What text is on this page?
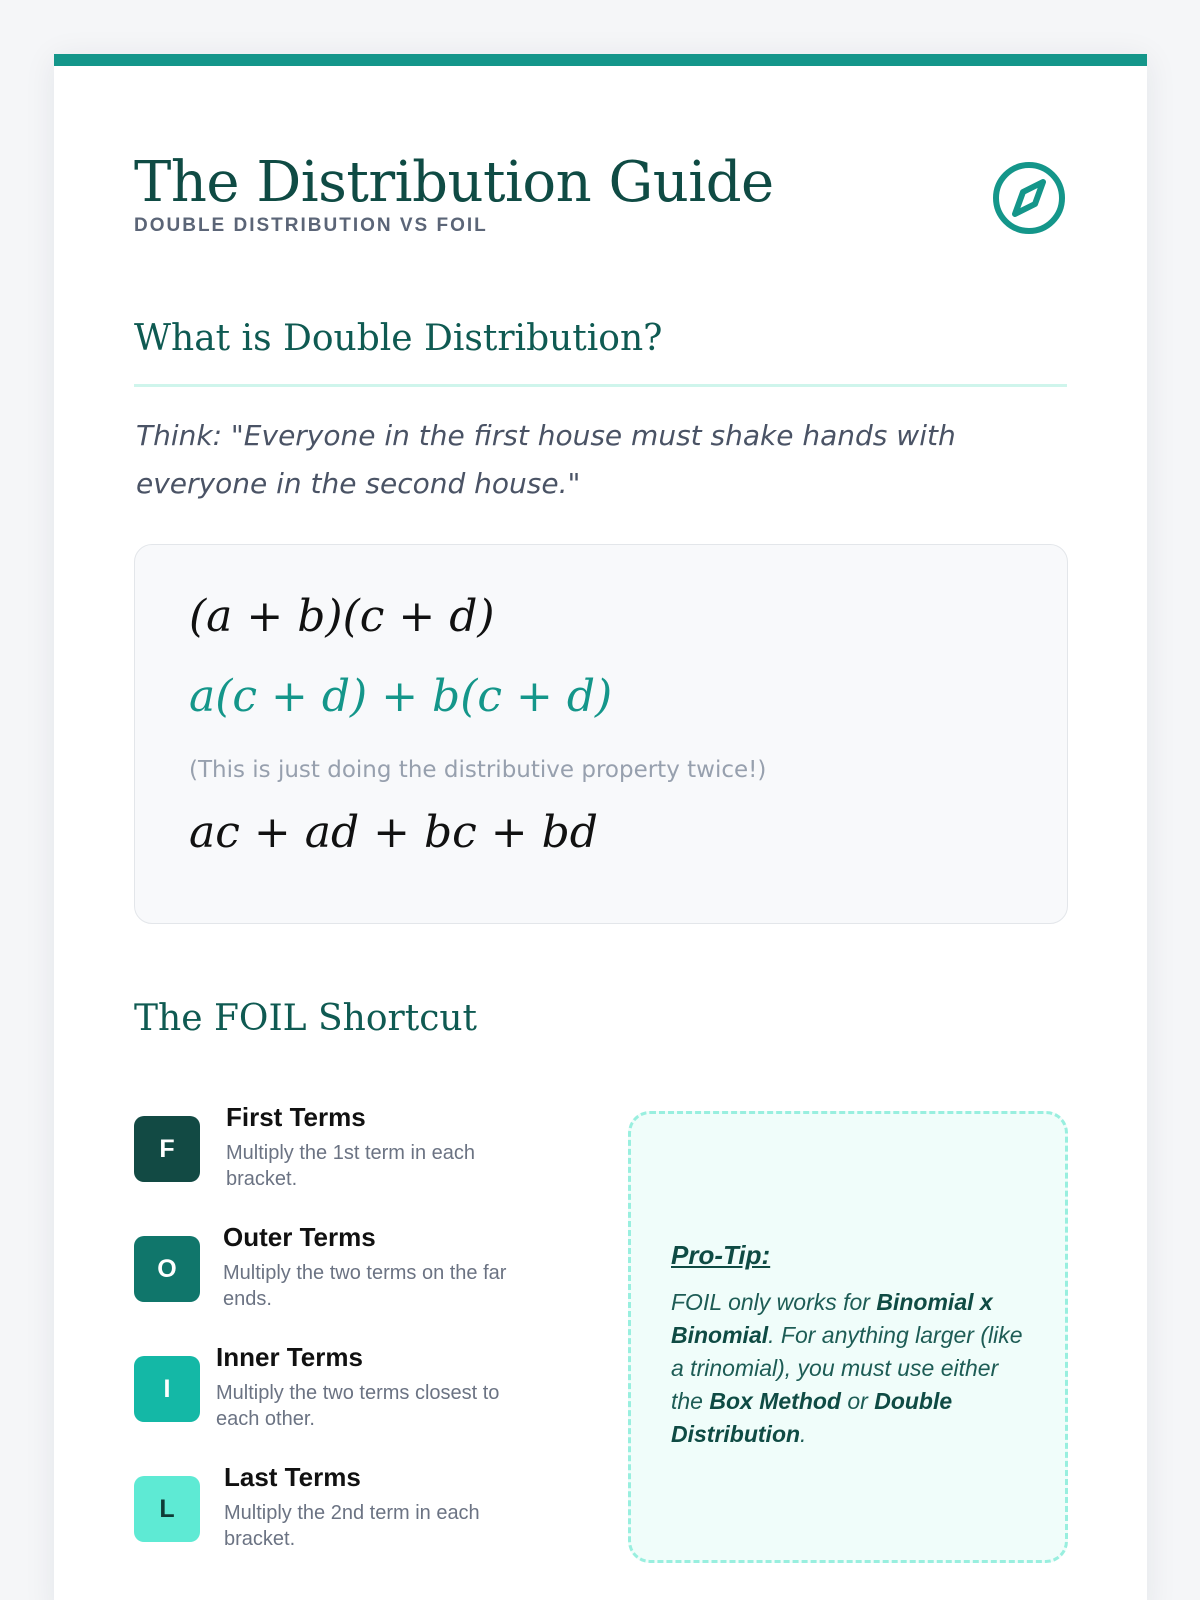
The Distribution Guide
DOUBLE DISTRIBUTION VS FOIL
What is Double Distribution?
Think: "Everyone in the first house must shake hands with everyone in the second house."
(a + b)(c + d)
a(c + d) + b(c + d)
(This is just doing the distributive property twice!)
ac + ad + bc + bd
The FOIL Shortcut
F
First Terms
Multiply the 1st term in each bracket.
O
Outer Terms
Multiply the two terms on the far ends.
I
Inner Terms
Multiply the two terms closest to each other.
L
Last Terms
Multiply the 2nd term in each bracket.
Pro-Tip:
FOIL only works for Binomial x Binomial. For anything larger (like a trinomial), you must use either the Box Method or Double Distribution.
